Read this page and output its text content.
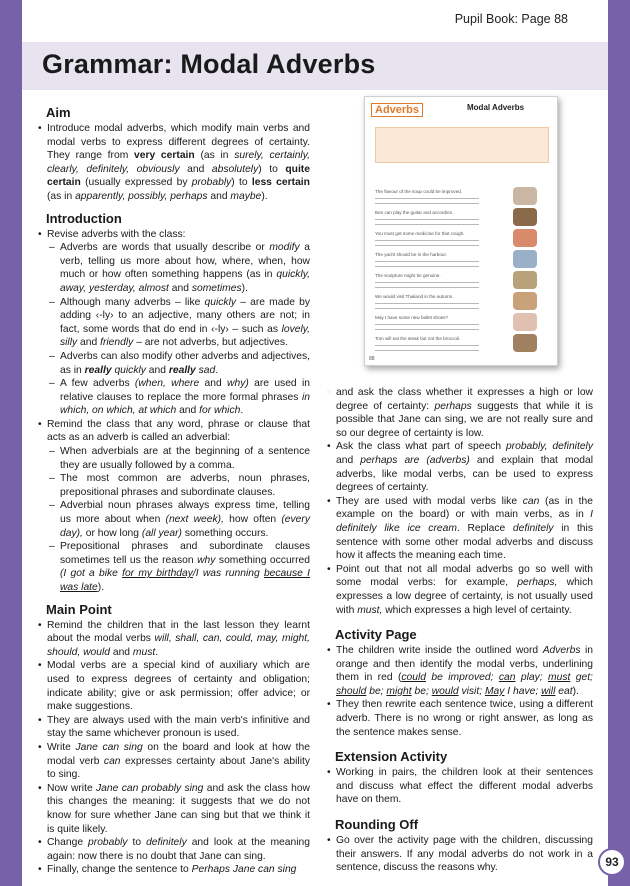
Pupil Book: Page 88
Grammar: Modal Adverbs
Aim

• Introduce modal adverbs, which modify main verbs and modal verbs to express different degrees of certainty. They range from very certain (as in surely, certainly, clearly, definitely, obviously and absolutely) to quite certain (usually expressed by probably) to less certain (as in apparently, possibly, perhaps and maybe).

Introduction

• Revise adverbs with the class:

– Adverbs are words that usually describe or modify a verb, telling us more about how, where, when, how much or how often something happens (as in quickly, away, yesterday, almost and sometimes).

– Although many adverbs – like quickly – are made by adding ‹-ly› to an adjective, many others are not; in fact, some words that do end in ‹-ly› – such as lovely, silly and friendly – are not adverbs, but adjectives.

– Adverbs can also modify other adverbs and adjectives, as in really quickly and really sad.

– A few adverbs (when, where and why) are used in relative clauses to replace the more formal phrases in which, on which, at which and for which.

• Remind the class that any word, phrase or clause that acts as an adverb is called an adverbial:

– When adverbials are at the beginning of a sentence they are usually followed by a comma.

– The most common are adverbs, noun phrases, prepositional phrases and subordinate clauses.

– Adverbial noun phrases always express time, telling us more about when (next week), how often (every day), or how long (all year) something occurs.

– Prepositional phrases and subordinate clauses sometimes tell us the reason why something occurred (I got a bike for my birthday/I was running because I was late).

Main Point

• Remind the children that in the last lesson they learnt about the modal verbs will, shall, can, could, may, might, should, would and must.

• Modal verbs are a special kind of auxiliary which are used to express degrees of certainty and obligation; indicate ability; give or ask permission; offer advice; or make suggestions.

• They are always used with the main verb's infinitive and stay the same whichever pronoun is used.

• Write Jane can sing on the board and look at how the modal verb can expresses certainty about Jane's ability to sing.

• Now write Jane can probably sing and ask the class how this changes the meaning: it suggests that we do not know for sure whether Jane can sing but that we think it is quite likely.

• Change probably to definitely and look at the meaning again: now there is no doubt that Jane can sing.

• Finally, change the sentence to Perhaps Jane can sing

Adverbs	Modal Adverbs
88
The flavour of the soup could be improved.
Ben can play the guitar and accordion.
You must get some medicine for that cough.
The yacht should be in the harbour.
The sculpture might be genuine.
We would visit Thailand in the autumn.
May I have some new ballet shoes?
Tom will eat the steak but not the broccoli.

• • and ask the class whether it expresses a high or low degree of certainty: perhaps suggests that while it is possible that Jane can sing, we are not really sure and so our degree of certainty is low.

• Ask the class what part of speech probably, definitely and perhaps are (adverbs) and explain that modal adverbs, like modal verbs, can be used to express degrees of certainty.

• They are used with modal verbs like can (as in the example on the board) or with main verbs, as in I definitely like ice cream. Replace definitely in this sentence with some other modal adverbs and discuss how it affects the meaning each time.

• Point out that not all modal adverbs go so well with some modal verbs: for example, perhaps, which expresses a low degree of certainty, is not usually used with must, which expresses a high level of certainty.

Activity Page

• The children write inside the outlined word Adverbs in orange and then identify the modal verbs, underlining them in red (could be improved; can play; must get; should be; might be; would visit; May I have; will eat).

• They then rewrite each sentence twice, using a different adverb. There is no wrong or right answer, as long as the sentence makes sense.

Extension Activity

• Working in pairs, the children look at their sentences and discuss what effect the different modal adverbs have on them.

Rounding Off

• Go over the activity page with the children, discussing their answers. If any modal adverbs do not work in a sentence, discuss the reasons why.	93
